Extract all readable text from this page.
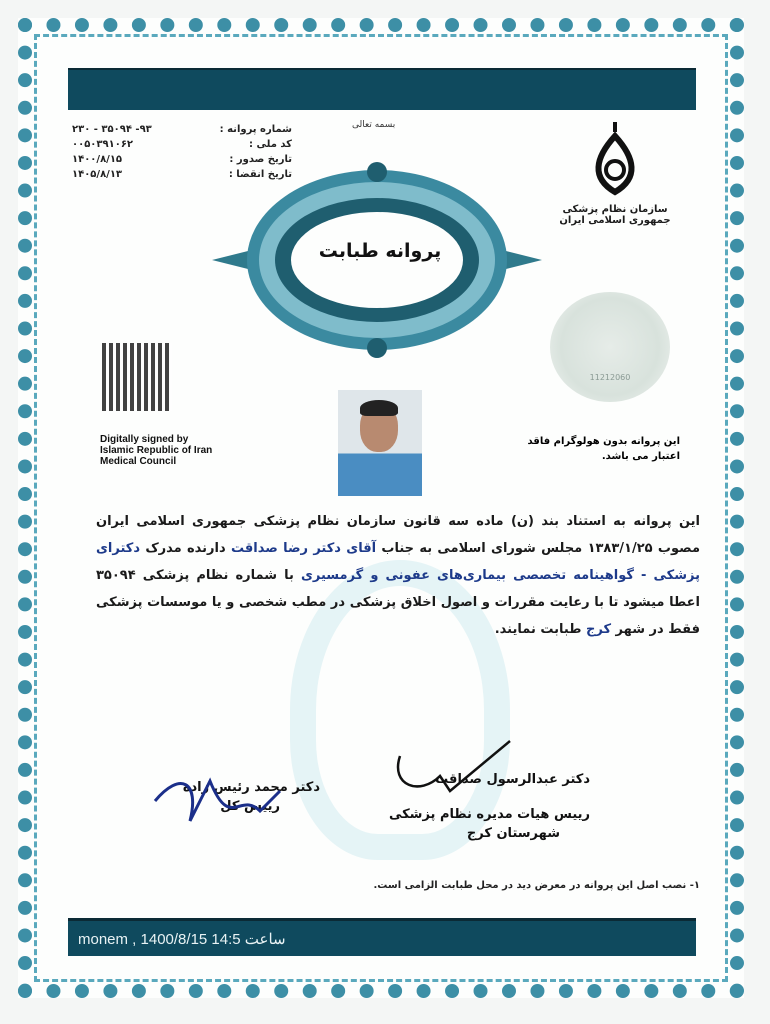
بسمه تعالی
۲۳۰ - ۳۵۰۹۴ -۹۳	شماره پروانه :
۰۰۵۰۳۹۱۰۶۲	کد ملی :
۱۴۰۰/۸/۱۵	تاریخ صدور :
۱۴۰۵/۸/۱۳	تاریخ انقضا :
پروانه طبابت
سازمان نظام پزشکی جمهوری اسلامی ایران
11212060
این پروانه بدون هولوگرام فاقد
اعتبار می باشد.
Digitally signed by
Islamic Republic of Iran
Medical Council
این پروانه به استناد بند (ن) ماده سه قانون سازمان نظام پزشکی جمهوری اسلامی ایران مصوب ۱۳۸۳/۱/۲۵ مجلس شورای اسلامی به جناب آقای دکتر رضا صداقت دارنده مدرک دکترای پزشکی - گواهینامه تخصصی بیماری‌های عفونی و گرمسیری با شماره نظام پزشکی ۳۵۰۹۴ اعطا میشود تا با رعایت مقررات و اصول اخلاق پزشکی در مطب شخصی و یا موسسات پزشکی فقط در شهر کرج طبابت نمایند.
دکتر محمد رئیس زاده
رییس کل
دکتر عبدالرسول صداقت
رییس هیات مدیره نظام پزشکی
شهرستان کرج
۱- نصب اصل این پروانه در معرض دید در محل طبابت الزامی است.
monem , 1400/8/15 14:5 ساعت
